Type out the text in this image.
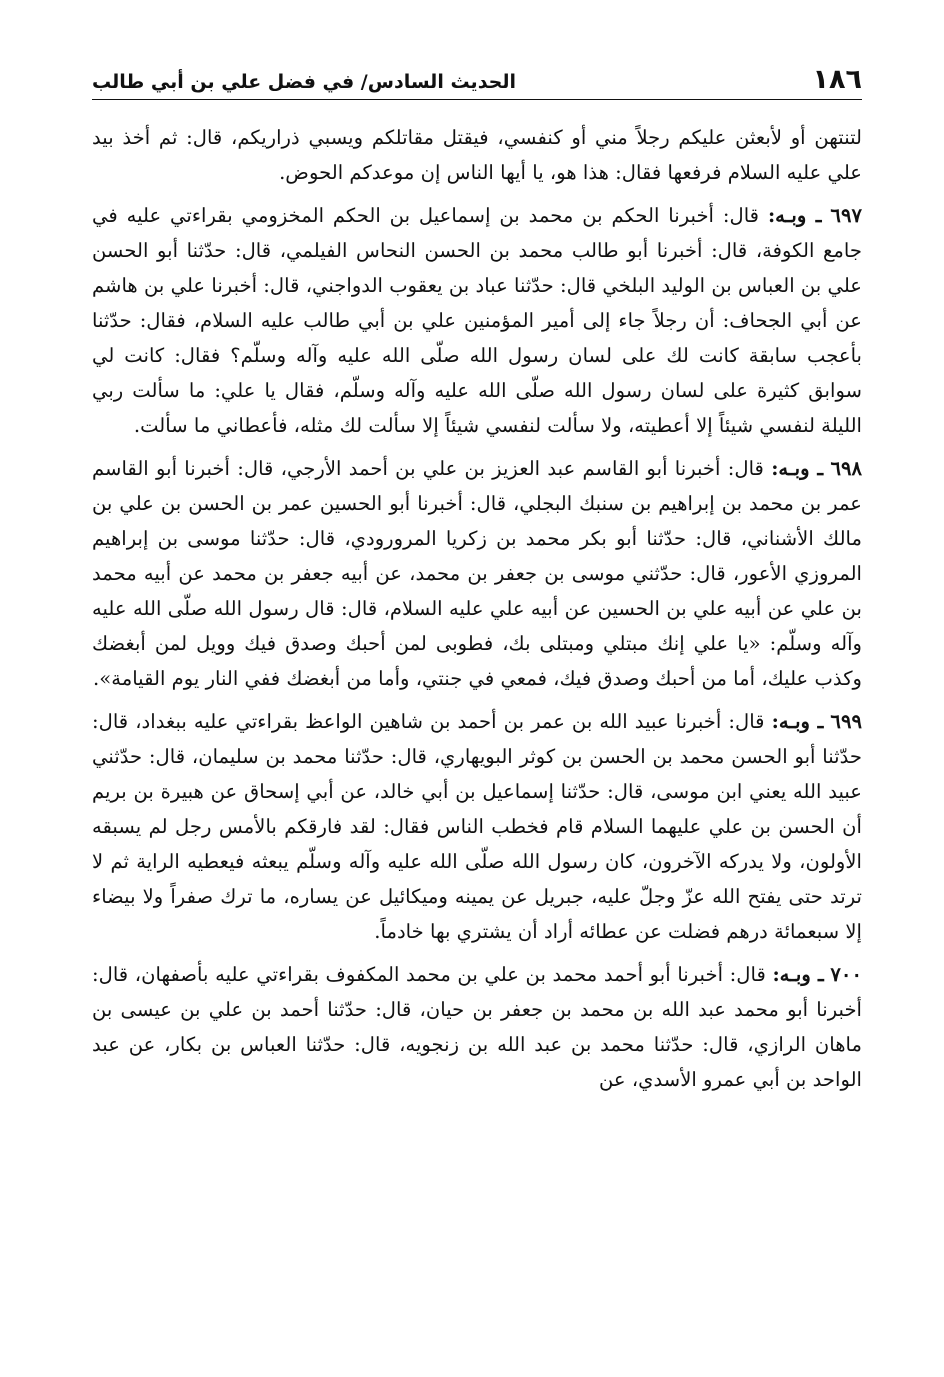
١٨٦
الحديث السادس/ في فضل علي بن أبي طالب

لتنتهن أو لأبعثن عليكم رجلاً مني أو كنفسي، فيقتل مقاتلكم ويسبي ذراريكم، قال: ثم أخذ بيد علي عليه السلام فرفعها فقال: هذا هو، يا أيها الناس إن موعدكم الحوض.

٦٩٧ ـ وبـه: قال: أخبرنا الحكم بن محمد بن إسماعيل بن الحكم المخزومي بقراءتي عليه في جامع الكوفة، قال: أخبرنا أبو طالب محمد بن الحسن النحاس الفيلمي، قال: حدّثنا أبو الحسن علي بن العباس بن الوليد البلخي قال: حدّثنا عباد بن يعقوب الدواجني، قال: أخبرنا علي بن هاشم عن أبي الجحاف: أن رجلاً جاء إلى أمير المؤمنين علي بن أبي طالب عليه السلام، فقال: حدّثنا بأعجب سابقة كانت لك على لسان رسول الله صلّى الله عليه وآله وسلّم؟ فقال: كانت لي سوابق كثيرة على لسان رسول الله صلّى الله عليه وآله وسلّم، فقال يا علي: ما سألت ربي الليلة لنفسي شيئاً إلا أعطيته، ولا سألت لنفسي شيئاً إلا سألت لك مثله، فأعطاني ما سألت.

٦٩٨ ـ وبـه: قال: أخبرنا أبو القاسم عبد العزيز بن علي بن أحمد الأرجي، قال: أخبرنا أبو القاسم عمر بن محمد بن إبراهيم بن سنبك البجلي، قال: أخبرنا أبو الحسين عمر بن الحسن بن علي بن مالك الأشناني، قال: حدّثنا أبو بكر محمد بن زكريا المرورودي، قال: حدّثنا موسى بن إبراهيم المروزي الأعور، قال: حدّثني موسى بن جعفر بن محمد، عن أبيه جعفر بن محمد عن أبيه محمد بن علي عن أبيه علي بن الحسين عن أبيه علي عليه السلام، قال: قال رسول الله صلّى الله عليه وآله وسلّم: «يا علي إنك مبتلي ومبتلى بك، فطوبى لمن أحبك وصدق فيك وويل لمن أبغضك وكذب عليك، أما من أحبك وصدق فيك، فمعي في جنتي، وأما من أبغضك ففي النار يوم القيامة».

٦٩٩ ـ وبـه: قال: أخبرنا عبيد الله بن عمر بن أحمد بن شاهين الواعظ بقراءتي عليه ببغداد، قال: حدّثنا أبو الحسن محمد بن الحسن بن كوثر البويهاري، قال: حدّثنا محمد بن سليمان، قال: حدّثني عبيد الله يعني ابن موسى، قال: حدّثنا إسماعيل بن أبي خالد، عن أبي إسحاق عن هبيرة بن بريم أن الحسن بن علي عليهما السلام قام فخطب الناس فقال: لقد فارقكم بالأمس رجل لم يسبقه الأولون، ولا يدركه الآخرون، كان رسول الله صلّى الله عليه وآله وسلّم يبعثه فيعطيه الراية ثم لا ترتد حتى يفتح الله عزّ وجلّ عليه، جبريل عن يمينه وميكائيل عن يساره، ما ترك صفراً ولا بيضاء إلا سبعمائة درهم فضلت عن عطائه أراد أن يشتري بها خادماً.

٧٠٠ ـ وبـه: قال: أخبرنا أبو أحمد محمد بن علي بن محمد المكفوف بقراءتي عليه بأصفهان، قال: أخبرنا أبو محمد عبد الله بن محمد بن جعفر بن حيان، قال: حدّثنا أحمد بن علي بن عيسى بن ماهان الرازي، قال: حدّثنا محمد بن عبد الله بن زنجويه، قال: حدّثنا العباس بن بكار، عن عبد الواحد بن أبي عمرو الأسدي، عن
